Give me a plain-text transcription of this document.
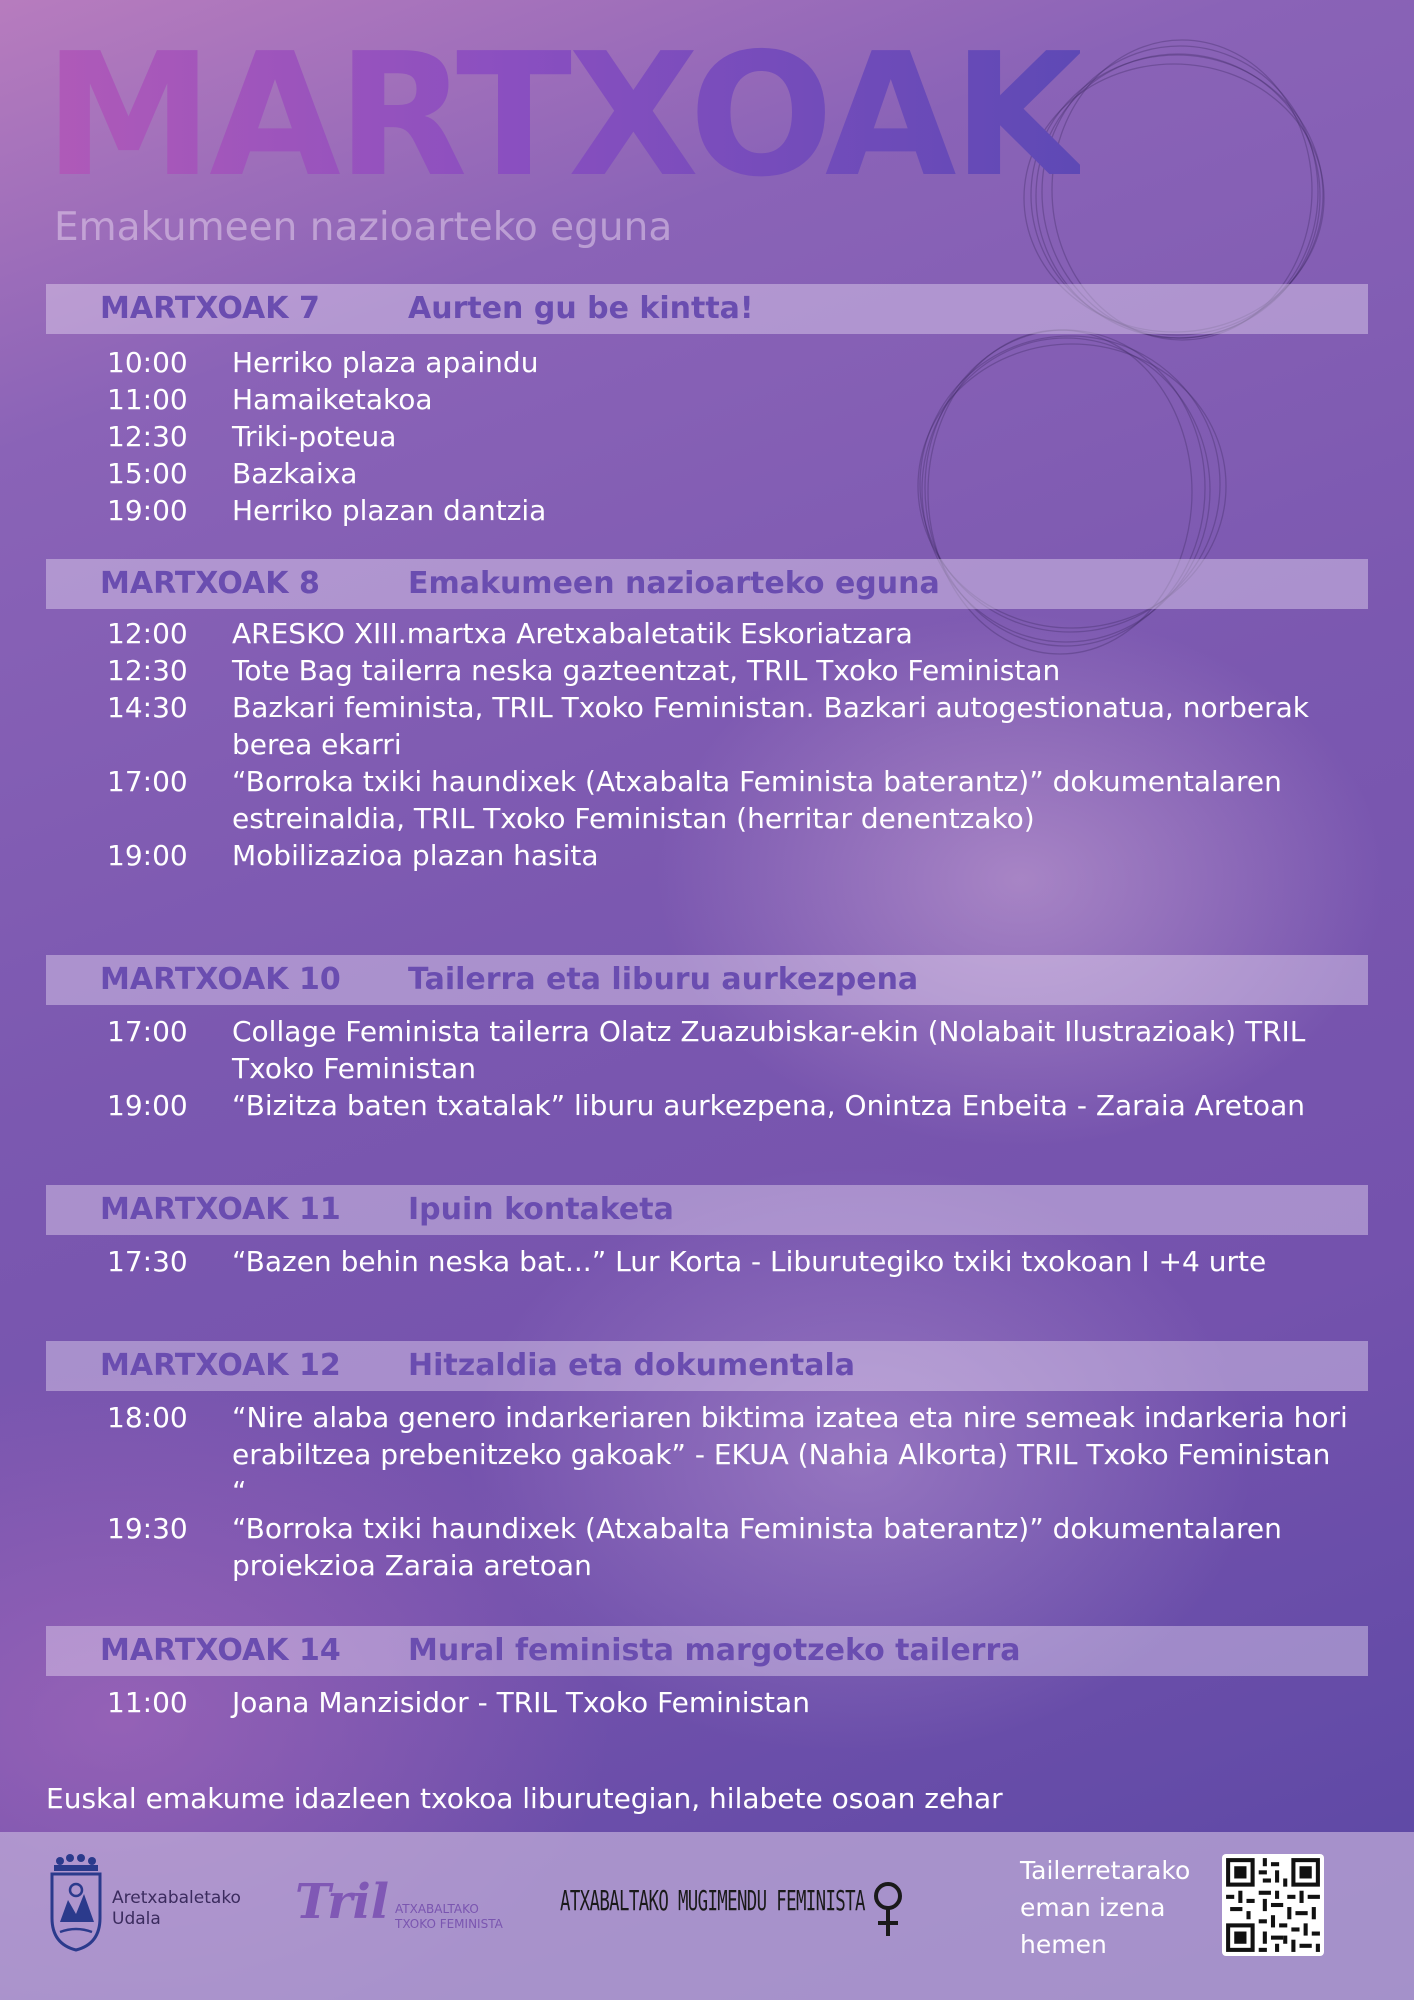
MARTXOAK
Emakumeen nazioarteko eguna
MARTXOAK 7	Aurten gu be kintta!
10:00 Herriko plaza apaindu
11:00 Hamaiketakoa
12:30 Triki-poteua
15:00 Bazkaixa
19:00 Herriko plazan dantzia
MARTXOAK 8	Emakumeen nazioarteko eguna
12:00 ARESKO XIII.martxa Aretxabaletatik Eskoriatzara
12:30 Tote Bag tailerra neska gazteentzat, TRIL Txoko Feministan
14:30 Bazkari feminista, TRIL Txoko Feministan. Bazkari autogestionatua, norberak berea ekarri
17:00 “Borroka txiki haundixek (Atxabalta Feminista baterantz)” dokumentalaren estreinaldia, TRIL Txoko Feministan (herritar denentzako)
19:00 Mobilizazioa plazan hasita
MARTXOAK 10 Tailerra eta liburu aurkezpena
17:00 Collage Feminista tailerra Olatz Zuazubiskar-ekin (Nolabait Ilustrazioak) TRIL Txoko Feministan
19:00 “Bizitza baten txatalak” liburu aurkezpena, Onintza Enbeita - Zaraia Aretoan
MARTXOAK 11 Ipuin kontaketa
17:30 “Bazen behin neska bat...” Lur Korta - Liburutegiko txiki txokoan I +4 urte
MARTXOAK 12 Hitzaldia eta dokumentala
18:00 “Nire alaba genero indarkeriaren biktima izatea eta nire semeak indarkeria hori erabiltzea prebenitzeko gakoak” - EKUA (Nahia Alkorta) TRIL Txoko Feministan “
19:30 “Borroka txiki haundixek (Atxabalta Feminista baterantz)” dokumentalaren proiekzioa Zaraia aretoan
MARTXOAK 14 Mural feminista margotzeko tailerra
11:00 Joana Manzisidor - TRIL Txoko Feministan
Euskal emakume idazleen txokoa liburutegian, hilabete osoan zehar
Aretxabaletako
Udala	Tril ATXABALTAKO
TXOKO FEMINISTA
ATXABALTAKO MUGIMENDU FEMINISTA
Tailerretarako
eman izena
hemen
